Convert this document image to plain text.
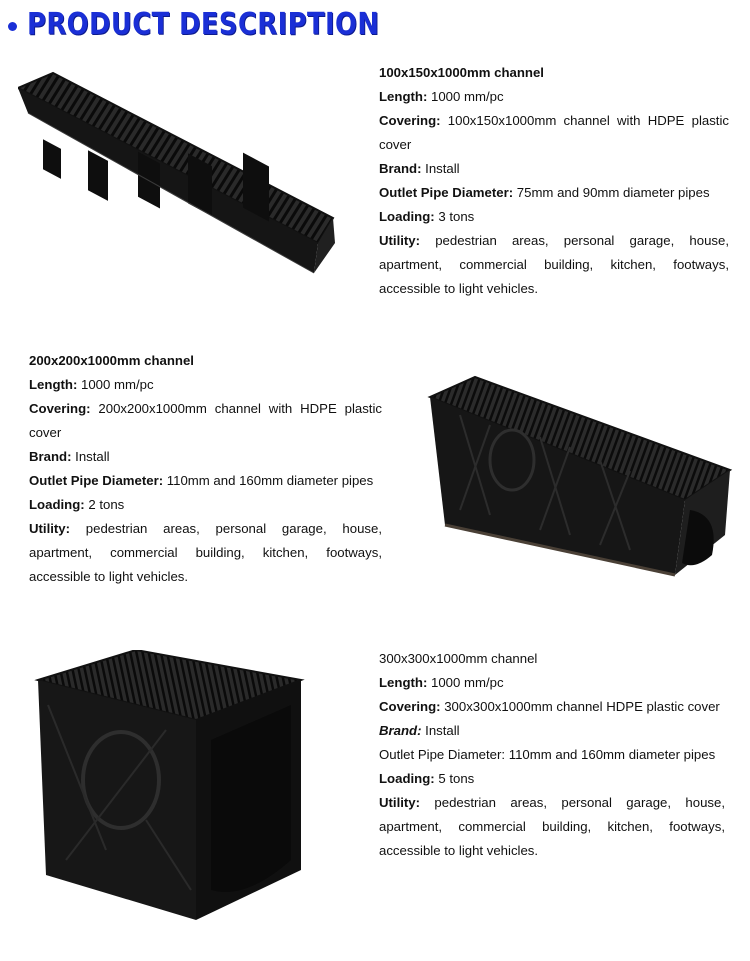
PRODUCT DESCRIPTION

100x150x1000mm channel

Length: 1000 mm/pc

Covering: 100x150x1000mm channel with HDPE plastic cover

Brand: Install

Outlet Pipe Diameter: 75mm and 90mm diameter pipes

Loading: 3 tons

Utility: pedestrian areas, personal garage, house, apartment, commercial building, kitchen, footways, accessible to light vehicles.

200x200x1000mm channel

Length: 1000 mm/pc

Covering: 200x200x1000mm channel with HDPE plastic cover

Brand: Install

Outlet Pipe Diameter: 110mm and 160mm diameter pipes

Loading: 2 tons

Utility: pedestrian areas, personal garage, house, apartment, commercial building, kitchen, footways, accessible to light vehicles.

300x300x1000mm channel

Length: 1000 mm/pc

Covering: 300x300x1000mm channel HDPE plastic cover

Brand: Install

Outlet Pipe Diameter: 110mm and 160mm diameter pipes

Loading: 5 tons

Utility: pedestrian areas, personal garage, house, apartment, commercial building, kitchen, footways, accessible to light vehicles.
